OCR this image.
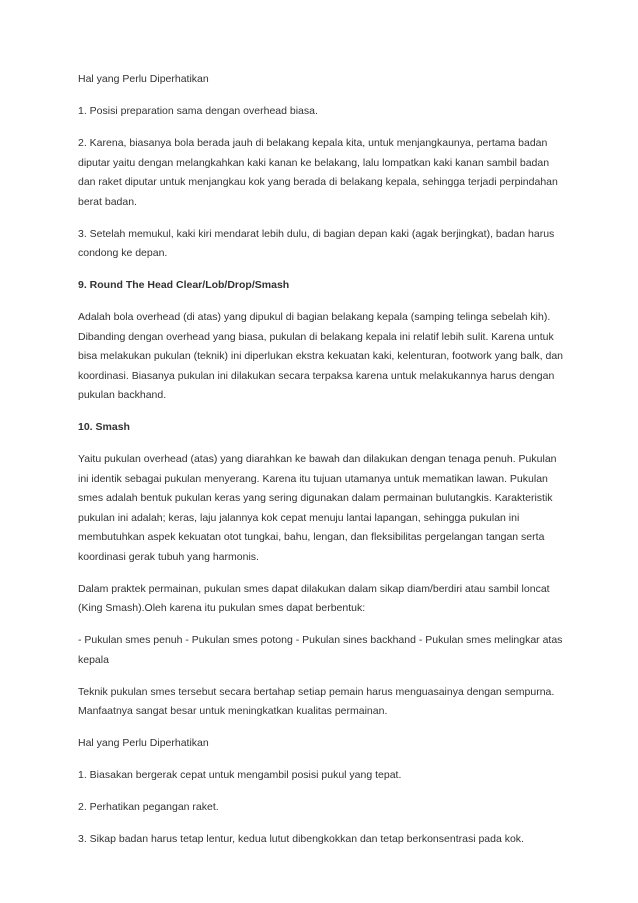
Hal yang Perlu Diperhatikan

1. Posisi preparation sama dengan overhead biasa.

2. Karena, biasanya bola berada jauh di belakang kepala kita, untuk menjangkaunya, pertama badan diputar yaitu dengan melangkahkan kaki kanan ke belakang, lalu lompatkan kaki kanan sambil badan dan raket diputar untuk menjangkau kok yang berada di belakang kepala, sehingga terjadi perpindahan berat badan.

3. Setelah memukul, kaki kiri mendarat lebih dulu, di bagian depan kaki (agak berjingkat), badan harus condong ke depan.

9. Round The Head Clear/Lob/Drop/Smash

Adalah bola overhead (di atas) yang dipukul di bagian belakang kepala (samping telinga sebelah kih). Dibanding dengan overhead yang biasa, pukulan di belakang kepala ini relatif lebih sulit. Karena untuk bisa melakukan pukulan (teknik) ini diperlukan ekstra kekuatan kaki, kelenturan, footwork yang balk, dan koordinasi. Biasanya pukulan ini dilakukan secara terpaksa karena untuk melakukannya harus dengan pukulan backhand.

10. Smash

Yaitu pukulan overhead (atas) yang diarahkan ke bawah dan dilakukan dengan tenaga penuh. Pukulan ini identik sebagai pukulan menyerang. Karena itu tujuan utamanya untuk mematikan lawan. Pukulan smes adalah bentuk pukulan keras yang sering digunakan dalam permainan bulutangkis. Karakteristik pukulan ini adalah; keras, laju jalannya kok cepat menuju lantai lapangan, sehingga pukulan ini membutuhkan aspek kekuatan otot tungkai, bahu, lengan, dan fleksibilitas pergelangan tangan serta koordinasi gerak tubuh yang harmonis.

Dalam praktek permainan, pukulan smes dapat dilakukan dalam sikap diam/berdiri atau sambil loncat (King Smash).Oleh karena itu pukulan smes dapat berbentuk:

- Pukulan smes penuh - Pukulan smes potong - Pukulan sines backhand - Pukulan smes melingkar atas kepala

Teknik pukulan smes tersebut secara bertahap setiap pemain harus menguasainya dengan sempurna. Manfaatnya sangat besar untuk meningkatkan kualitas permainan.

Hal yang Perlu Diperhatikan

1. Biasakan bergerak cepat untuk mengambil posisi pukul yang tepat.

2. Perhatikan pegangan raket.

3. Sikap badan harus tetap lentur, kedua lutut dibengkokkan dan tetap berkonsentrasi pada kok.
